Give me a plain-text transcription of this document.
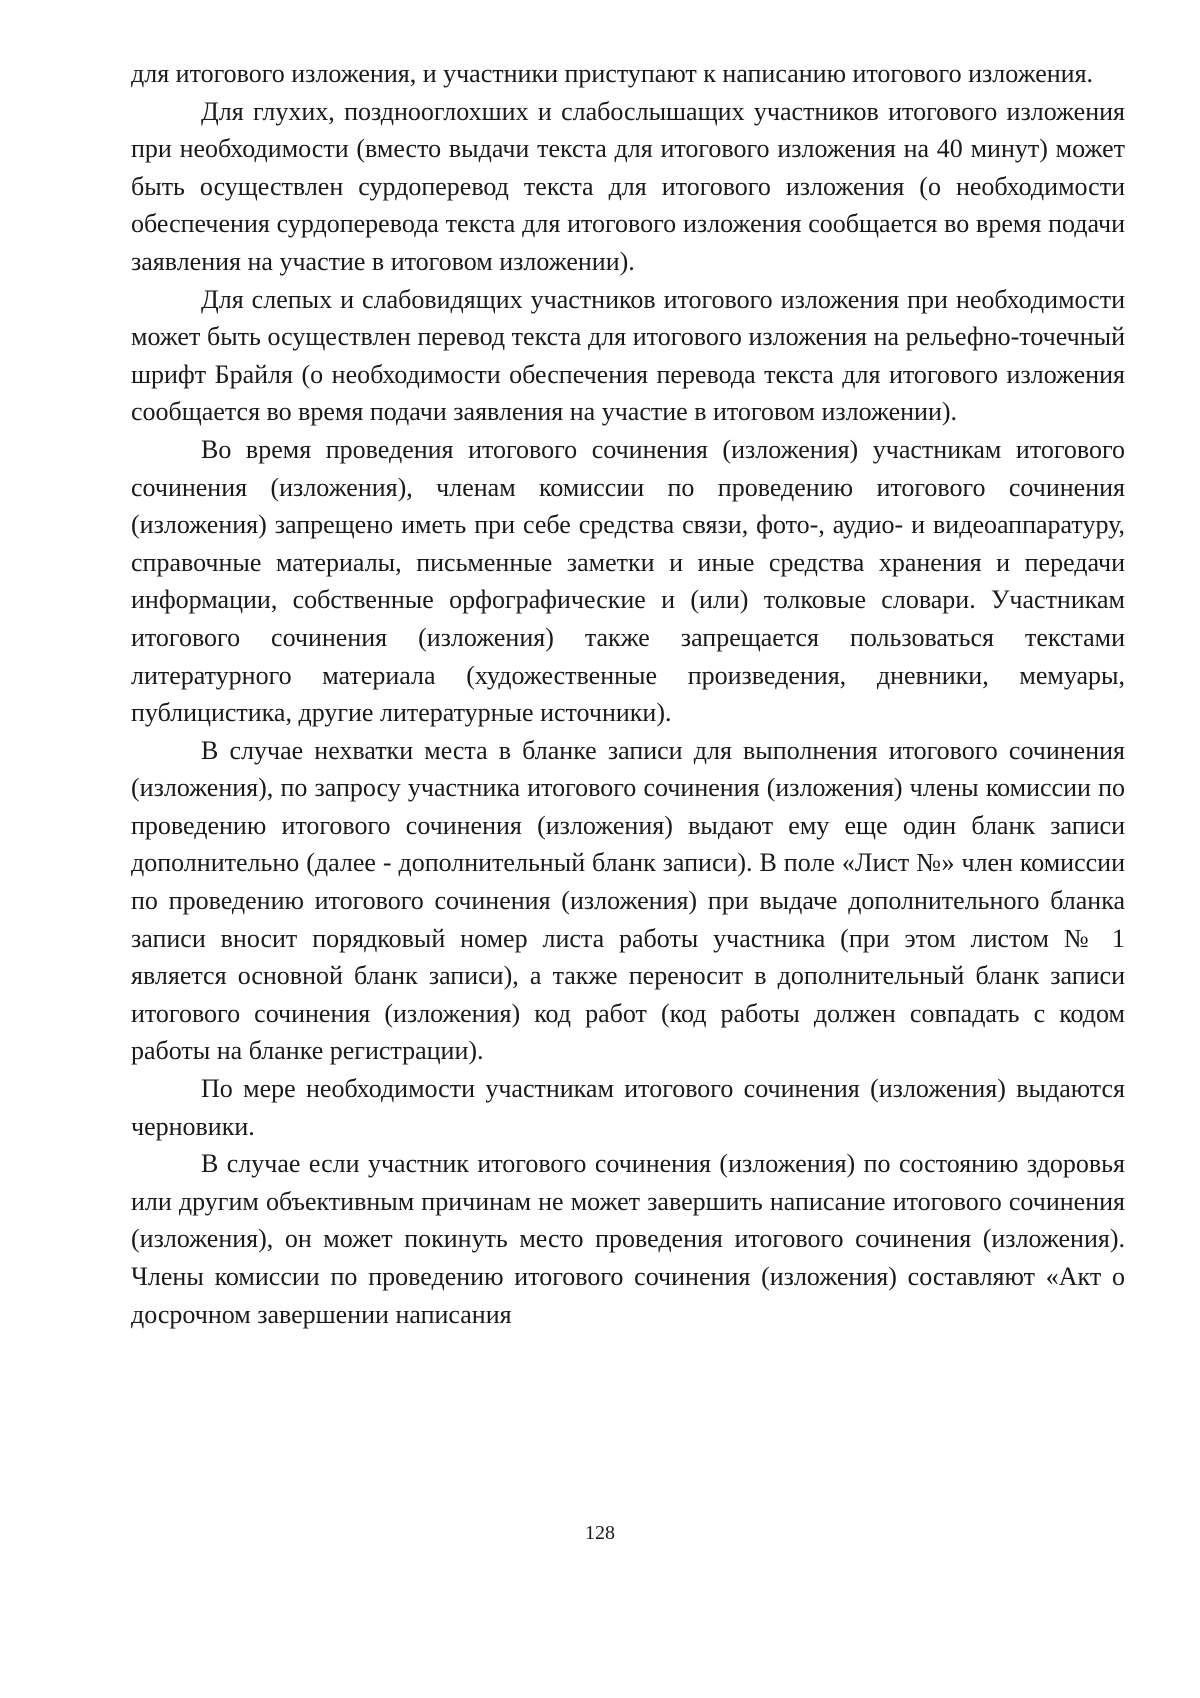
для итогового изложения, и участники приступают к написанию итогового изложения.

Для глухих, позднооглохших и слабослышащих участников итогового изложения при необходимости (вместо выдачи текста для итогового изложения на 40 минут) может быть осуществлен сурдоперевод текста для итогового изложения (о необходимости обеспечения сурдоперевода текста для итогового изложения сообщается во время подачи заявления на участие в итоговом изложении).

Для слепых и слабовидящих участников итогового изложения при необходимости может быть осуществлен перевод текста для итогового изложения на рельефно-точечный шрифт Брайля (о необходимости обеспечения перевода текста для итогового изложения сообщается во время подачи заявления на участие в итоговом изложении).

Во время проведения итогового сочинения (изложения) участникам итогового сочинения (изложения), членам комиссии по проведению итогового сочинения (изложения) запрещено иметь при себе средства связи, фото-, аудио- и видеоаппаратуру, справочные материалы, письменные заметки и иные средства хранения и передачи информации, собственные орфографические и (или) толковые словари. Участникам итогового сочинения (изложения) также запрещается пользоваться текстами литературного материала (художественные произведения, дневники, мемуары, публицистика, другие литературные источники).

В случае нехватки места в бланке записи для выполнения итогового сочинения (изложения), по запросу участника итогового сочинения (изложения) члены комиссии по проведению итогового сочинения (изложения) выдают ему еще один бланк записи дополнительно (далее - дополнительный бланк записи). В поле «Лист №» член комиссии по проведению итогового сочинения (изложения) при выдаче дополнительного бланка записи вносит порядковый номер листа работы участника (при этом листом № 1 является основной бланк записи), а также переносит в дополнительный бланк записи итогового сочинения (изложения) код работ (код работы должен совпадать с кодом работы на бланке регистрации).

По мере необходимости участникам итогового сочинения (изложения) выдаются черновики.

В случае если участник итогового сочинения (изложения) по состоянию здоровья или другим объективным причинам не может завершить написание итогового сочинения (изложения), он может покинуть место проведения итогового сочинения (изложения). Члены комиссии по проведению итогового сочинения (изложения) составляют «Акт о досрочном завершении написания

128
